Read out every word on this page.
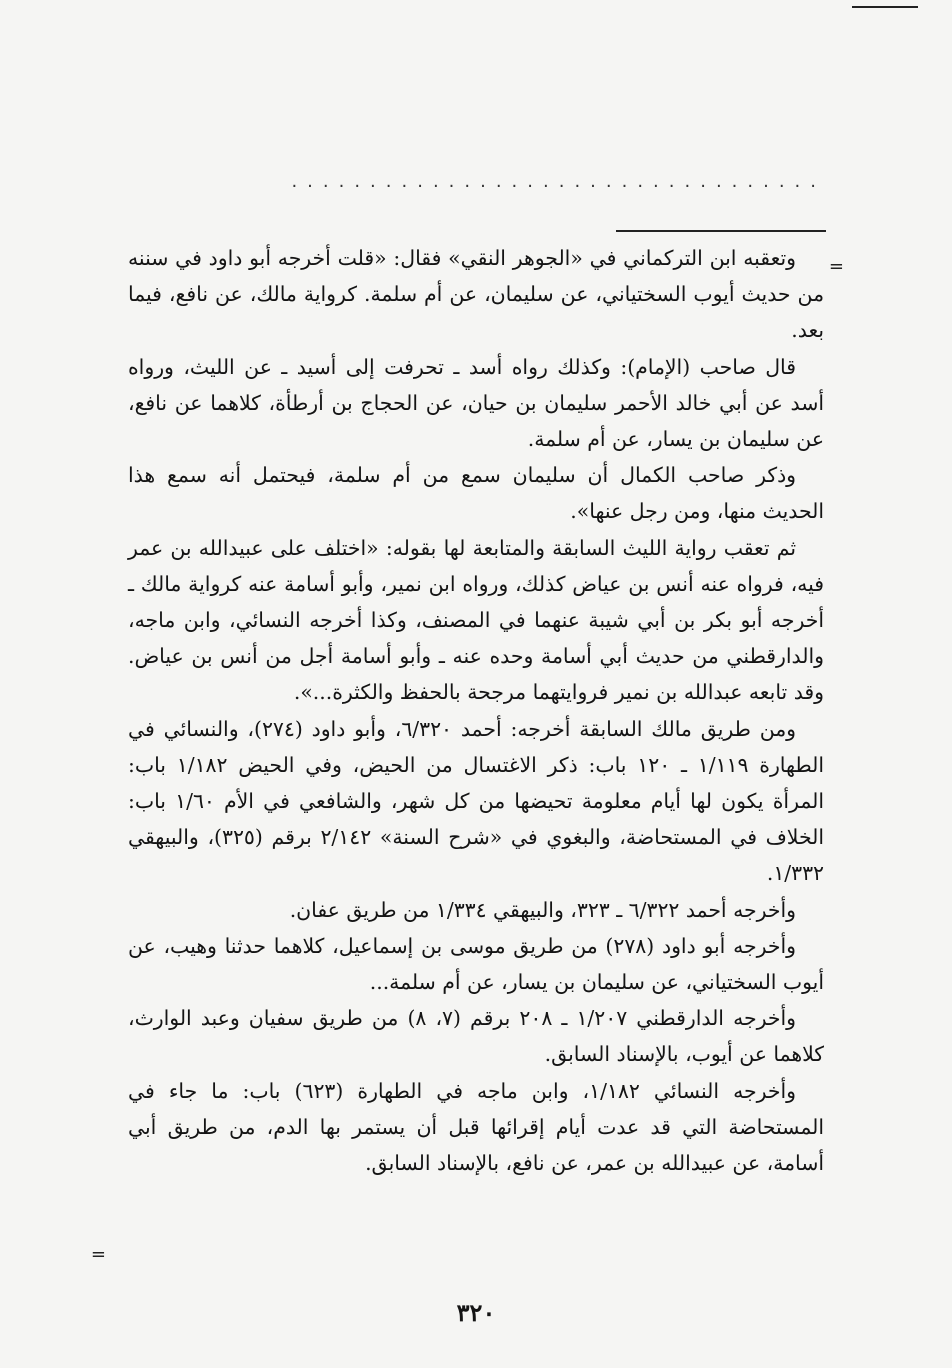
··································
=

وتعقبه ابن التركماني في «الجوهر النقي» فقال: «قلت أخرجه أبو داود في سننه من حديث أيوب السختياني، عن سليمان، عن أم سلمة. كرواية مالك، عن نافع، فيما بعد.

قال صاحب (الإمام): وكذلك رواه أسد ـ تحرفت إلى أسيد ـ عن الليث، ورواه أسد عن أبي خالد الأحمر سليمان بن حيان، عن الحجاج بن أرطأة، كلاهما عن نافع، عن سليمان بن يسار، عن أم سلمة.

وذكر صاحب الكمال أن سليمان سمع من أم سلمة، فيحتمل أنه سمع هذا الحديث منها، ومن رجل عنها».

ثم تعقب رواية الليث السابقة والمتابعة لها بقوله: «اختلف على عبيدالله بن عمر فيه، فرواه عنه أنس بن عياض كذلك، ورواه ابن نمير، وأبو أسامة عنه كرواية مالك ـ أخرجه أبو بكر بن أبي شيبة عنهما في المصنف، وكذا أخرجه النسائي، وابن ماجه، والدارقطني من حديث أبي أسامة وحده عنه ـ وأبو أسامة أجل من أنس بن عياض. وقد تابعه عبدالله بن نمير فروايتهما مرجحة بالحفظ والكثرة...».

ومن طريق مالك السابقة أخرجه: أحمد ٦/٣٢٠، وأبو داود (٢٧٤)، والنسائي في الطهارة ١/١١٩ ـ ١٢٠ باب: ذكر الاغتسال من الحيض، وفي الحيض ١/١٨٢ باب: المرأة يكون لها أيام معلومة تحيضها من كل شهر، والشافعي في الأم ١/٦٠ باب: الخلاف في المستحاضة، والبغوي في «شرح السنة» ٢/١٤٢ برقم (٣٢٥)، والبيهقي ١/٣٣٢.

وأخرجه أحمد ٦/٣٢٢ ـ ٣٢٣، والبيهقي ١/٣٣٤ من طريق عفان.

وأخرجه أبو داود (٢٧٨) من طريق موسى بن إسماعيل، كلاهما حدثنا وهيب، عن أيوب السختياني، عن سليمان بن يسار، عن أم سلمة...

وأخرجه الدارقطني ١/٢٠٧ ـ ٢٠٨ برقم (٧، ٨) من طريق سفيان وعبد الوارث، كلاهما عن أيوب، بالإسناد السابق.

وأخرجه النسائي ١/١٨٢، وابن ماجه في الطهارة (٦٢٣) باب: ما جاء في المستحاضة التي قد عدت أيام إقرائها قبل أن يستمر بها الدم، من طريق أبي أسامة، عن عبيدالله بن عمر، عن نافع، بالإسناد السابق.

=
٣٢٠
